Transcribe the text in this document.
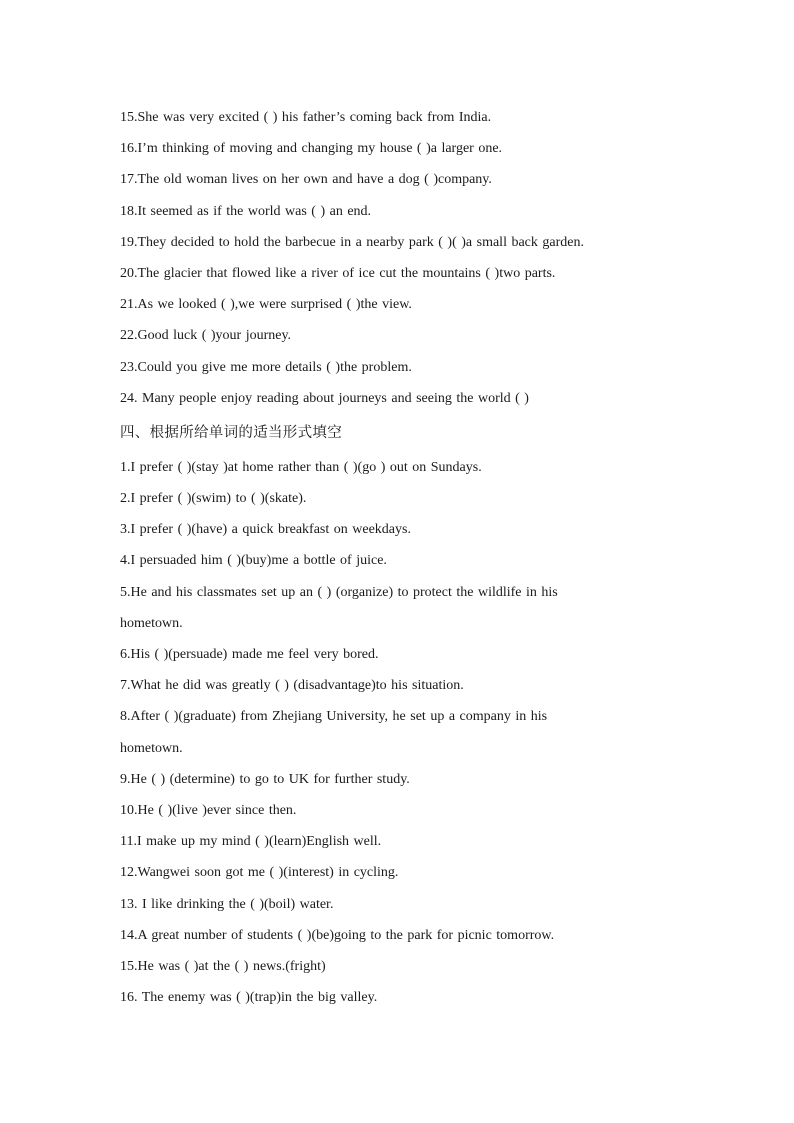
15.She was very excited ( ) his father’s coming back from India.
16.I’m thinking of moving and changing my house ( )a larger one.
17.The old woman lives on her own and have a dog ( )company.
18.It seemed as if the world was ( ) an end.
19.They decided to hold the barbecue in a nearby park ( )( )a small back garden.
20.The glacier that flowed like a river of ice cut the mountains ( )two parts.
21.As we looked ( ),we were surprised ( )the view.
22.Good luck ( )your journey.
23.Could you give me more details ( )the problem.
24. Many people enjoy reading about journeys and seeing the world ( )
四、根据所给单词的适当形式填空
1.I prefer ( )(stay )at home rather than ( )(go ) out on Sundays.
2.I prefer ( )(swim) to ( )(skate).
3.I prefer ( )(have) a quick breakfast on weekdays.
4.I persuaded him ( )(buy)me a bottle of juice.
5.He and his classmates set up an ( ) (organize) to protect the wildlife in his
hometown.
6.His ( )(persuade) made me feel very bored.
7.What he did was greatly ( ) (disadvantage)to his situation.
8.After ( )(graduate) from Zhejiang University, he set up a company in his
hometown.
9.He ( ) (determine) to go to UK for further study.
10.He ( )(live )ever since then.
11.I make up my mind ( )(learn)English well.
12.Wangwei soon got me ( )(interest) in cycling.
13. I like drinking the ( )(boil) water.
14.A great number of students ( )(be)going to the park for picnic tomorrow.
15.He was ( )at the ( ) news.(fright)
16. The enemy was ( )(trap)in the big valley.
